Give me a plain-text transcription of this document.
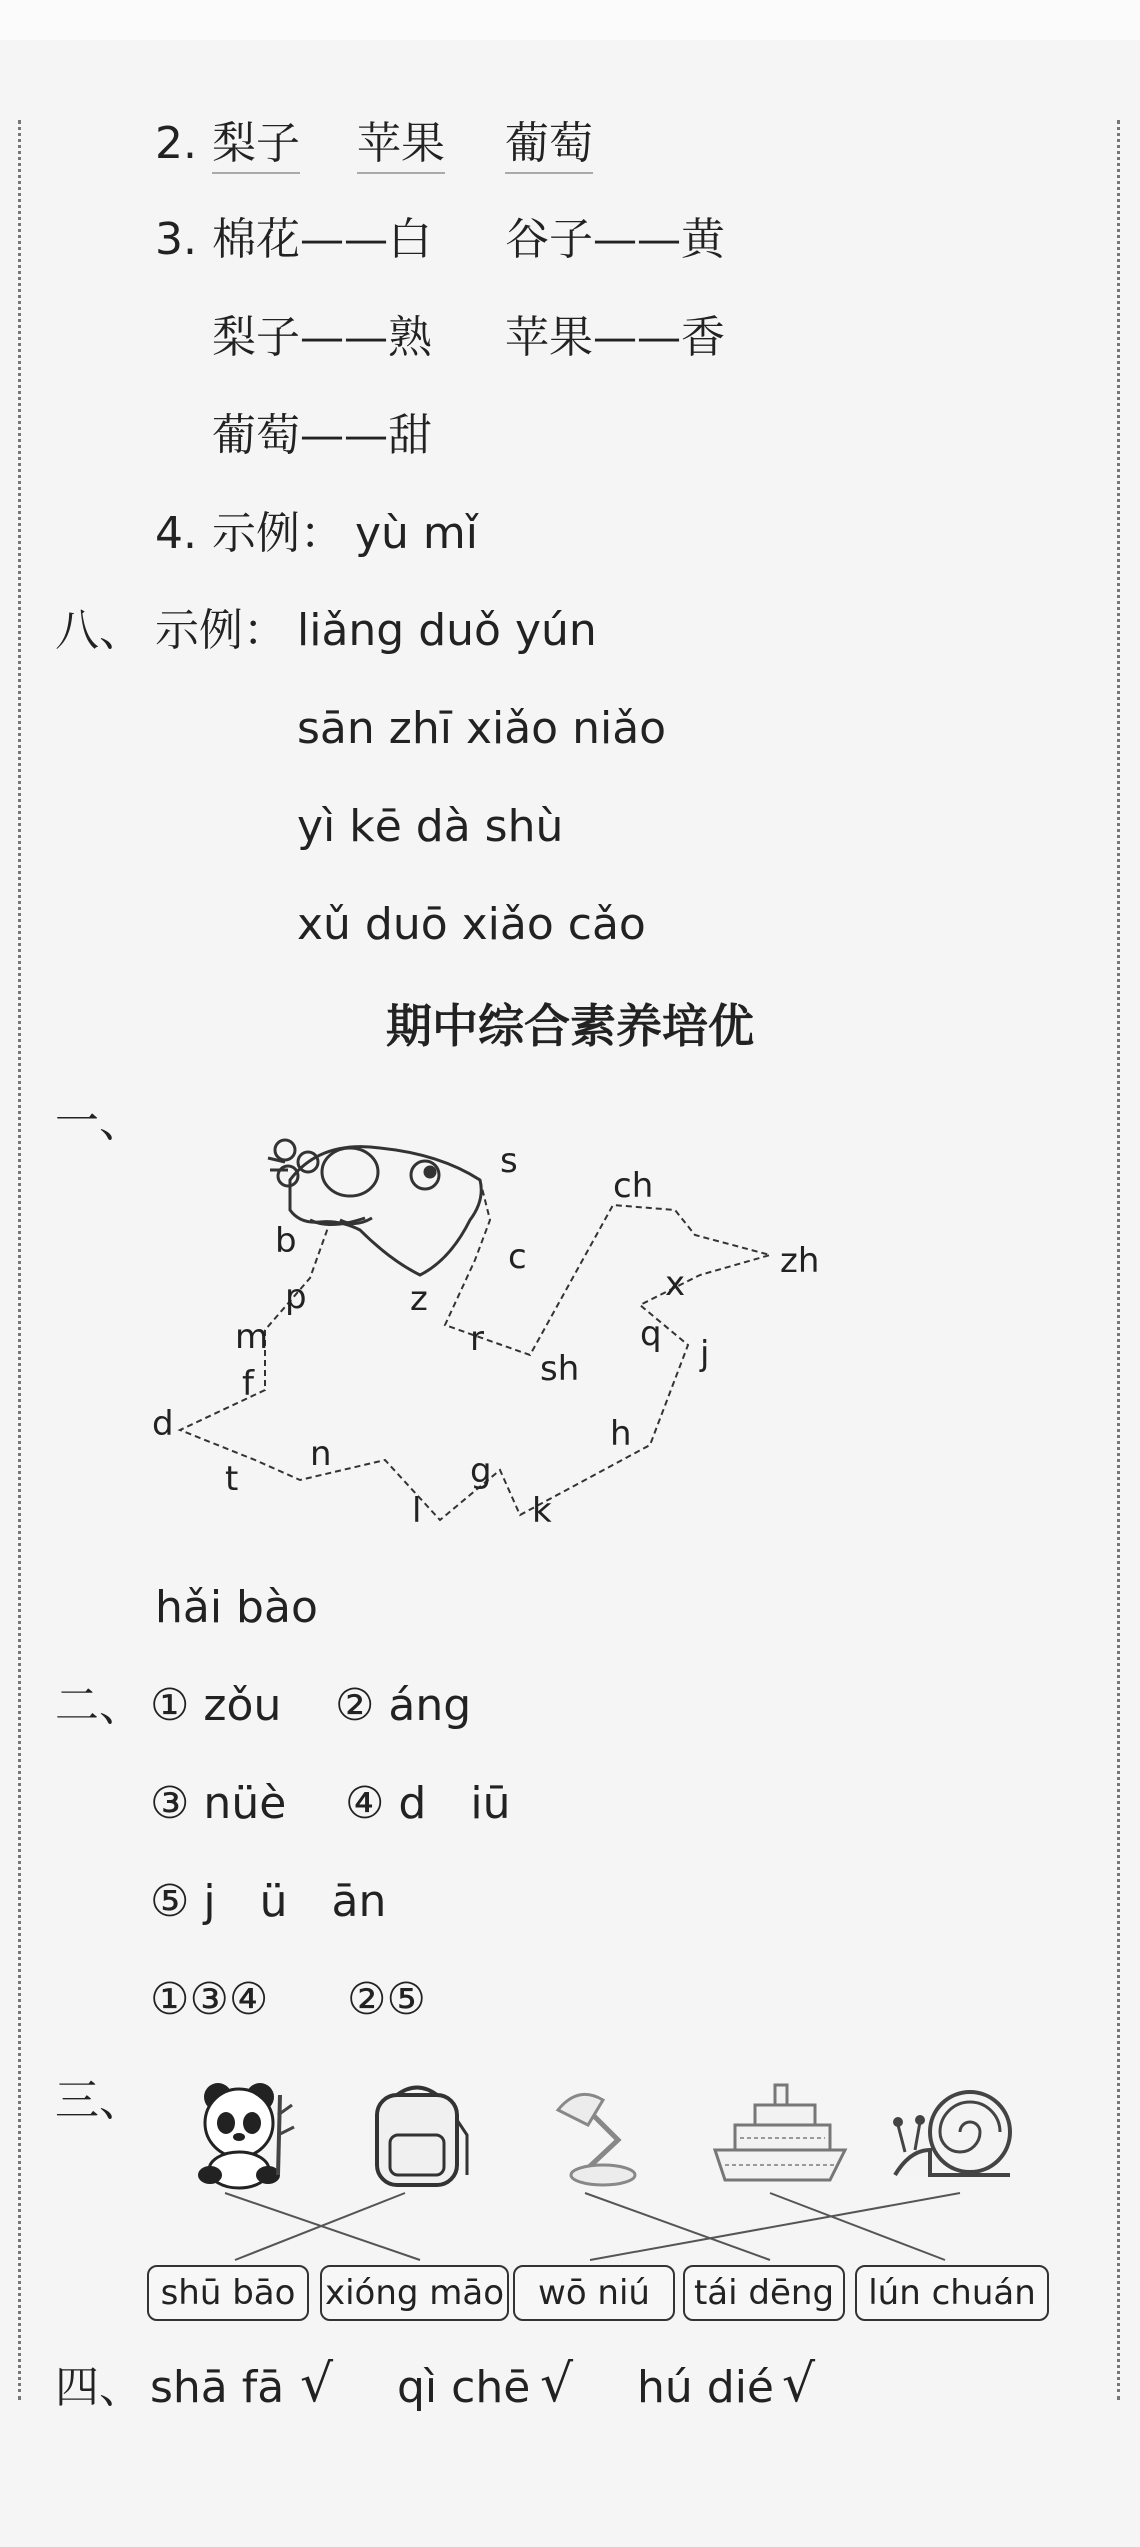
2. 梨子 苹果 葡萄
3. 棉花——白 谷子——黄
梨子——熟 苹果——香
葡萄——甜
4. 示例： yù mǐ
八、 示例： liǎng duǒ yún
sān zhī xiǎo niǎo
yì kē dà shù
xǔ duō xiǎo cǎo
期中综合素养培优
一、
s
ch
b	c	zh
p	z	x
m	r	q j
sh
f
d	h
n
t	g
l	k
hǎi bào
二、 ① zǒu ② áng
③ nüè ④ d　iū
⑤ j　ü　ān
①③④ ②⑤
三、
shū bāo xióng māo wō niú	tái dēng	lún chuán
四、 shā fā √ qì chē √ hú dié √
